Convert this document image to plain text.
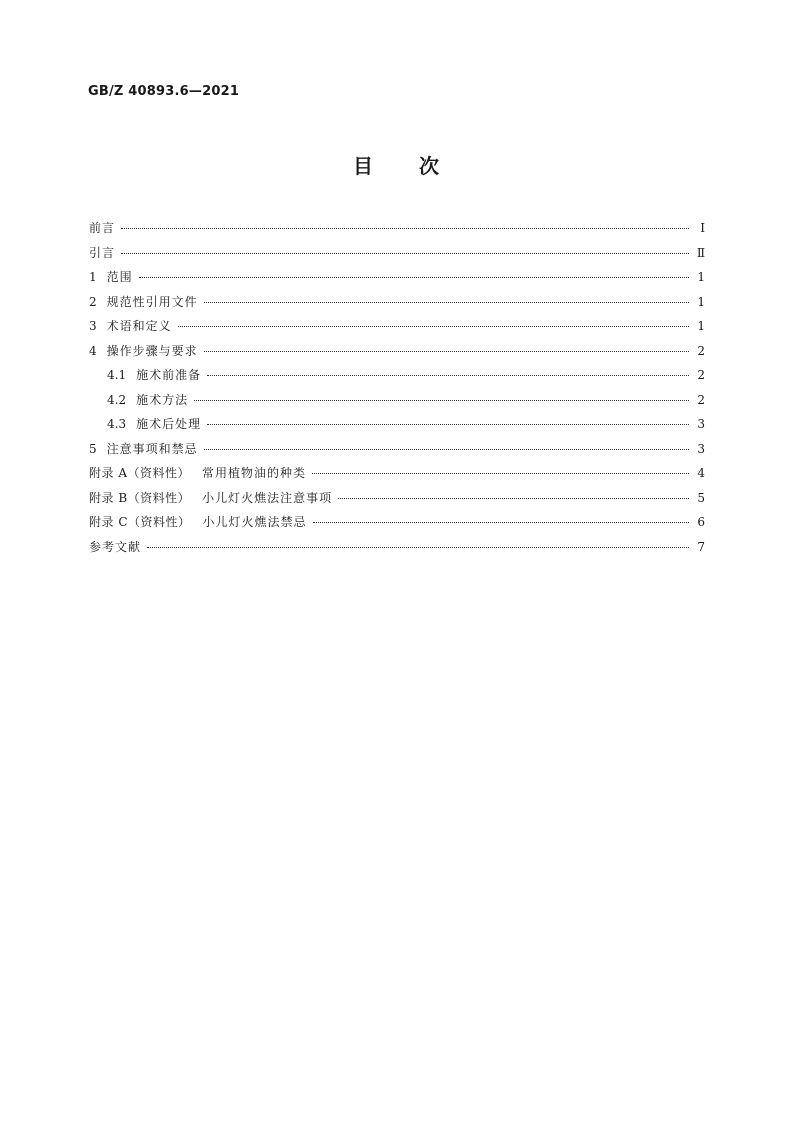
GB/Z 40893.6—2021
目 次
前言	Ⅰ
引言	Ⅱ
1 范围	1
2 规范性引用文件	1
3 术语和定义	1
4 操作步骤与要求	2
4.1 施术前准备	2
4.2 施术方法	2
4.3 施术后处理	3
5 注意事项和禁忌	3
附录 A（资料性） 常用植物油的种类	4
附录 B（资料性） 小儿灯火燋法注意事项	5
附录 C（资料性） 小儿灯火燋法禁忌	6
参考文献	7
